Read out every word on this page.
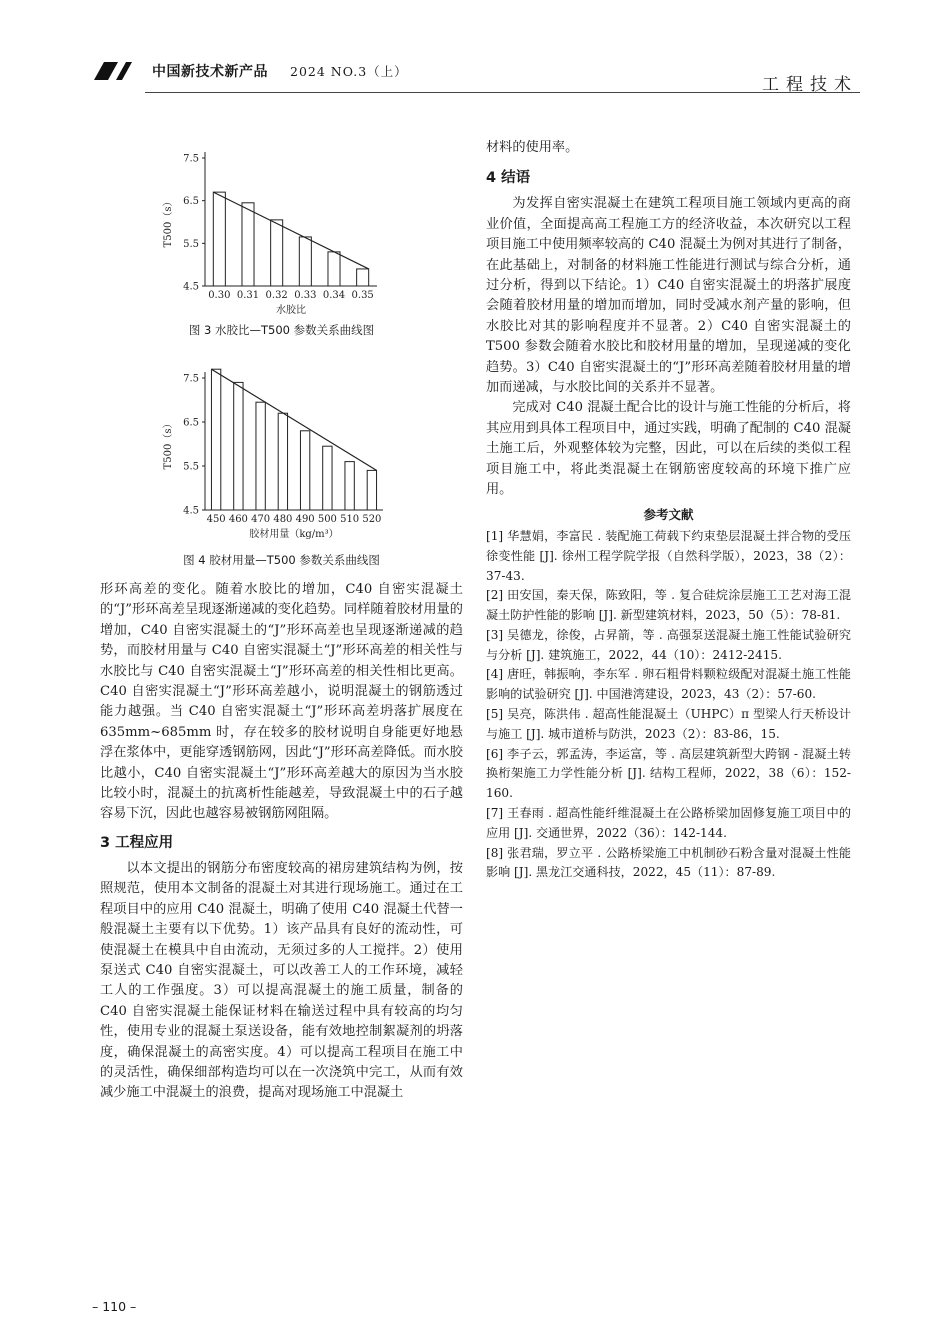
中国新技术新产品 2024 NO.3（上）
工程技术
4.5
5.5
6.5
7.5
T500（s）
0.30 0.31 0.32 0.33 0.34 0.35
水胶比
图 3 水胶比—T500 参数关系曲线图
4.5
5.5
6.5
7.5
T500（s）
450 460 470 480 490 500 510 520
胶材用量（kg/m³）
图 4 胶材用量—T500 参数关系曲线图

形环高差的变化。随着水胶比的增加，C40 自密实混凝土的“J”形环高差呈现逐渐递减的变化趋势。同样随着胶材用量的增加，C40 自密实混凝土的“J”形环高差也呈现逐渐递减的趋势，而胶材用量与 C40 自密实混凝土“J”形环高差的相关性与水胶比与 C40 自密实混凝土“J”形环高差的相关性相比更高。C40 自密实混凝土“J”形环高差越小，说明混凝土的钢筋透过能力越强。当 C40 自密实混凝土“J”形环高差坍落扩展度在 635mm~685mm 时，存在较多的胶材说明自身能更好地悬浮在浆体中，更能穿透钢筋网，因此“J”形环高差降低。而水胶比越小，C40 自密实混凝土“J”形环高差越大的原因为当水胶比较小时，混凝土的抗离析性能越差，导致混凝土中的石子越容易下沉，因此也越容易被钢筋网阻隔。

3 工程应用

以本文提出的钢筋分布密度较高的裙房建筑结构为例，按照规范，使用本文制备的混凝土对其进行现场施工。通过在工程项目中的应用 C40 混凝土，明确了使用 C40 混凝土代替一般混凝土主要有以下优势。1）该产品具有良好的流动性，可使混凝土在模具中自由流动，无须过多的人工搅拌。2）使用泵送式 C40 自密实混凝土，可以改善工人的工作环境，减轻工人的工作强度。3）可以提高混凝土的施工质量，制备的 C40 自密实混凝土能保证材料在输送过程中具有较高的均匀性，使用专业的混凝土泵送设备，能有效地控制絮凝剂的坍落度，确保混凝土的高密实度。4）可以提高工程项目在施工中的灵活性，确保细部构造均可以在一次浇筑中完工，从而有效减少施工中混凝土的浪费，提高对现场施工中混凝土

材料的使用率。

4 结语

为发挥自密实混凝土在建筑工程项目施工领域内更高的商业价值，全面提高高工程施工方的经济收益，本次研究以工程项目施工中使用频率较高的 C40 混凝土为例对其进行了制备，在此基础上，对制备的材料施工性能进行测试与综合分析，通过分析，得到以下结论。1）C40 自密实混凝土的坍落扩展度会随着胶材用量的增加而增加，同时受减水剂产量的影响，但水胶比对其的影响程度并不显著。2）C40 自密实混凝土的 T500 参数会随着水胶比和胶材用量的增加，呈现递减的变化趋势。3）C40 自密实混凝土的“J”形环高差随着胶材用量的增加而递减，与水胶比间的关系并不显著。

完成对 C40 混凝土配合比的设计与施工性能的分析后，将其应用到具体工程项目中，通过实践，明确了配制的 C40 混凝土施工后，外观整体较为完整，因此，可以在后续的类似工程项目施工中，将此类混凝土在钢筋密度较高的环境下推广应用。

参考文献
[1] 华慧娟，李富民 . 装配施工荷载下约束垫层混凝土拌合物的受压徐变性能 [J]. 徐州工程学院学报（自然科学版），2023，38（2）：37-43.
[2] 田安国，秦天保，陈致阳，等 . 复合硅烷涂层施工工艺对海工混凝土防护性能的影响 [J]. 新型建筑材料，2023，50（5）：78-81.
[3] 吴德龙，徐俊，占昇箭，等 . 高强泵送混凝土施工性能试验研究与分析 [J]. 建筑施工，2022，44（10）：2412-2415.
[4] 唐旺，韩振响，李东军 . 卵石粗骨料颗粒级配对混凝土施工性能影响的试验研究 [J]. 中国港湾建设，2023，43（2）：57-60.
[5] 吴亮，陈洪伟 . 超高性能混凝土（UHPC）π 型梁人行天桥设计与施工 [J]. 城市道桥与防洪，2023（2）：83-86，15.
[6] 李子云，郭孟涛，李运富，等 . 高层建筑新型大跨钢 - 混凝土转换桁架施工力学性能分析 [J]. 结构工程师，2022，38（6）：152-160.
[7] 王春雨 . 超高性能纤维混凝土在公路桥梁加固修复施工项目中的应用 [J]. 交通世界，2022（36）：142-144.
[8] 张君瑞，罗立平 . 公路桥梁施工中机制砂石粉含量对混凝土性能影响 [J]. 黑龙江交通科技，2022，45（11）：87-89.
– 110 –
